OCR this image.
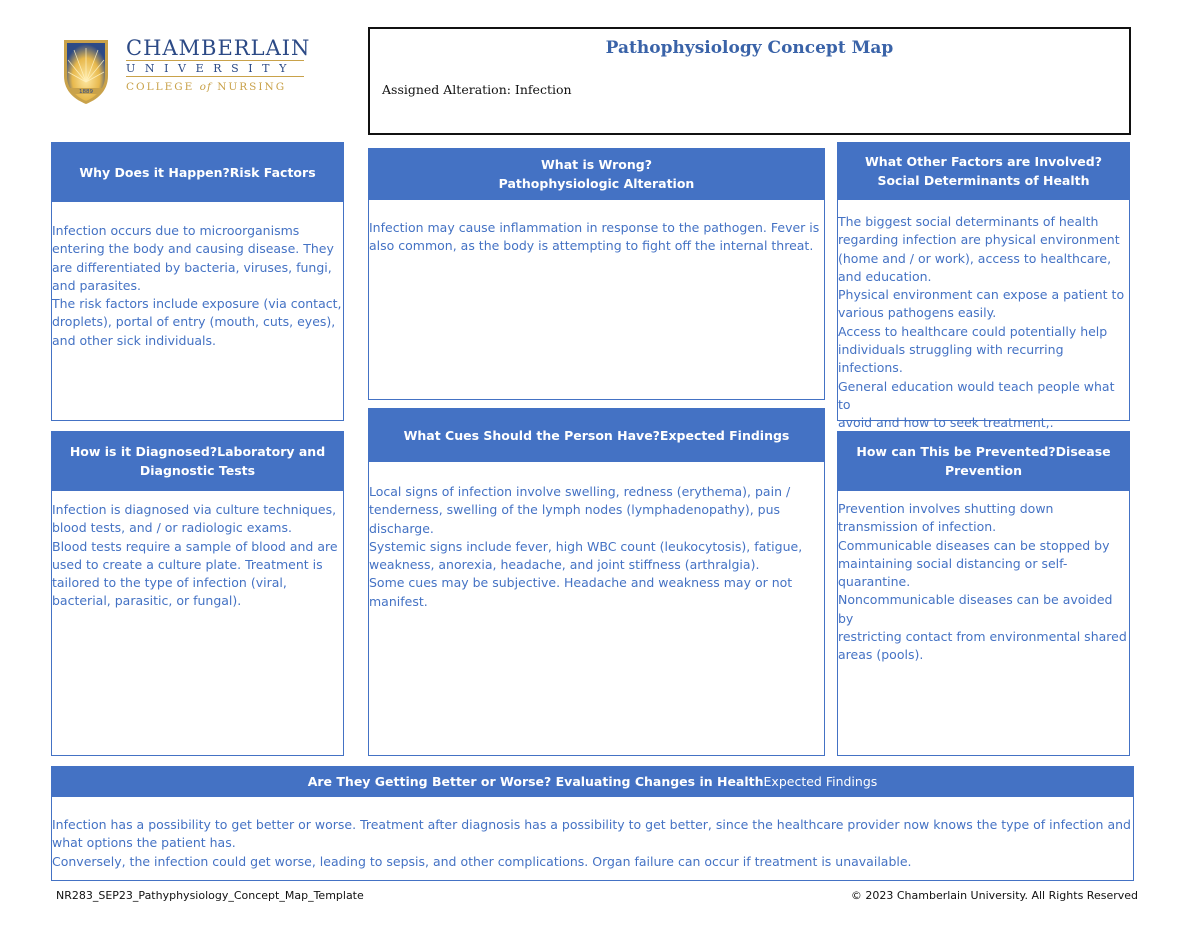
1889
CHAMBERLAIN
UNIVERSITY
COLLEGE of NURSING
Pathophysiology Concept Map
Assigned Alteration: Infection
Why Does it Happen?Risk Factors

Infection occurs due to microorganisms
entering the body and causing disease. They
are differentiated by bacteria, viruses, fungi,
and parasites.
The risk factors include exposure (via contact,
droplets), portal of entry (mouth, cuts, eyes),
and other sick individuals.

What is Wrong?
Pathophysiologic Alteration

Infection may cause inflammation in response to the pathogen. Fever is
also common, as the body is attempting to fight off the internal threat.

What Other Factors are Involved?Social Determinants of Health

The biggest social determinants of health
regarding infection are physical environment
(home and / or work), access to healthcare,
and education.
Physical environment can expose a patient to
various pathogens easily.
Access to healthcare could potentially help
individuals struggling with recurring infections.
General education would teach people what to
avoid and how to seek treatment,.

How is it Diagnosed?Laboratory and Diagnostic Tests

Infection is diagnosed via culture techniques,
blood tests, and / or radiologic exams.
Blood tests require a sample of blood and are
used to create a culture plate. Treatment is
tailored to the type of infection (viral,
bacterial, parasitic, or fungal).

What Cues Should the Person Have?Expected Findings

Local signs of infection involve swelling, redness (erythema), pain /
tenderness, swelling of the lymph nodes (lymphadenopathy), pus
discharge.
Systemic signs include fever, high WBC count (leukocytosis), fatigue,
weakness, anorexia, headache, and joint stiffness (arthralgia).
Some cues may be subjective. Headache and weakness may or not
manifest.

How can This be Prevented?Disease Prevention

Prevention involves shutting down
transmission of infection.
Communicable diseases can be stopped by
maintaining social distancing or self-
quarantine.
Noncommunicable diseases can be avoided by
restricting contact from environmental shared
areas (pools).

Are They Getting Better or Worse? Evaluating Changes in HealthExpected Findings

Infection has a possibility to get better or worse. Treatment after diagnosis has a possibility to get better, since the healthcare provider now knows the type of infection and
what options the patient has.
Conversely, the infection could get worse, leading to sepsis, and other complications. Organ failure can occur if treatment is unavailable.

NR283_SEP23_Pathyphysiology_Concept_Map_Template	© 2023 Chamberlain University. All Rights Reserved
